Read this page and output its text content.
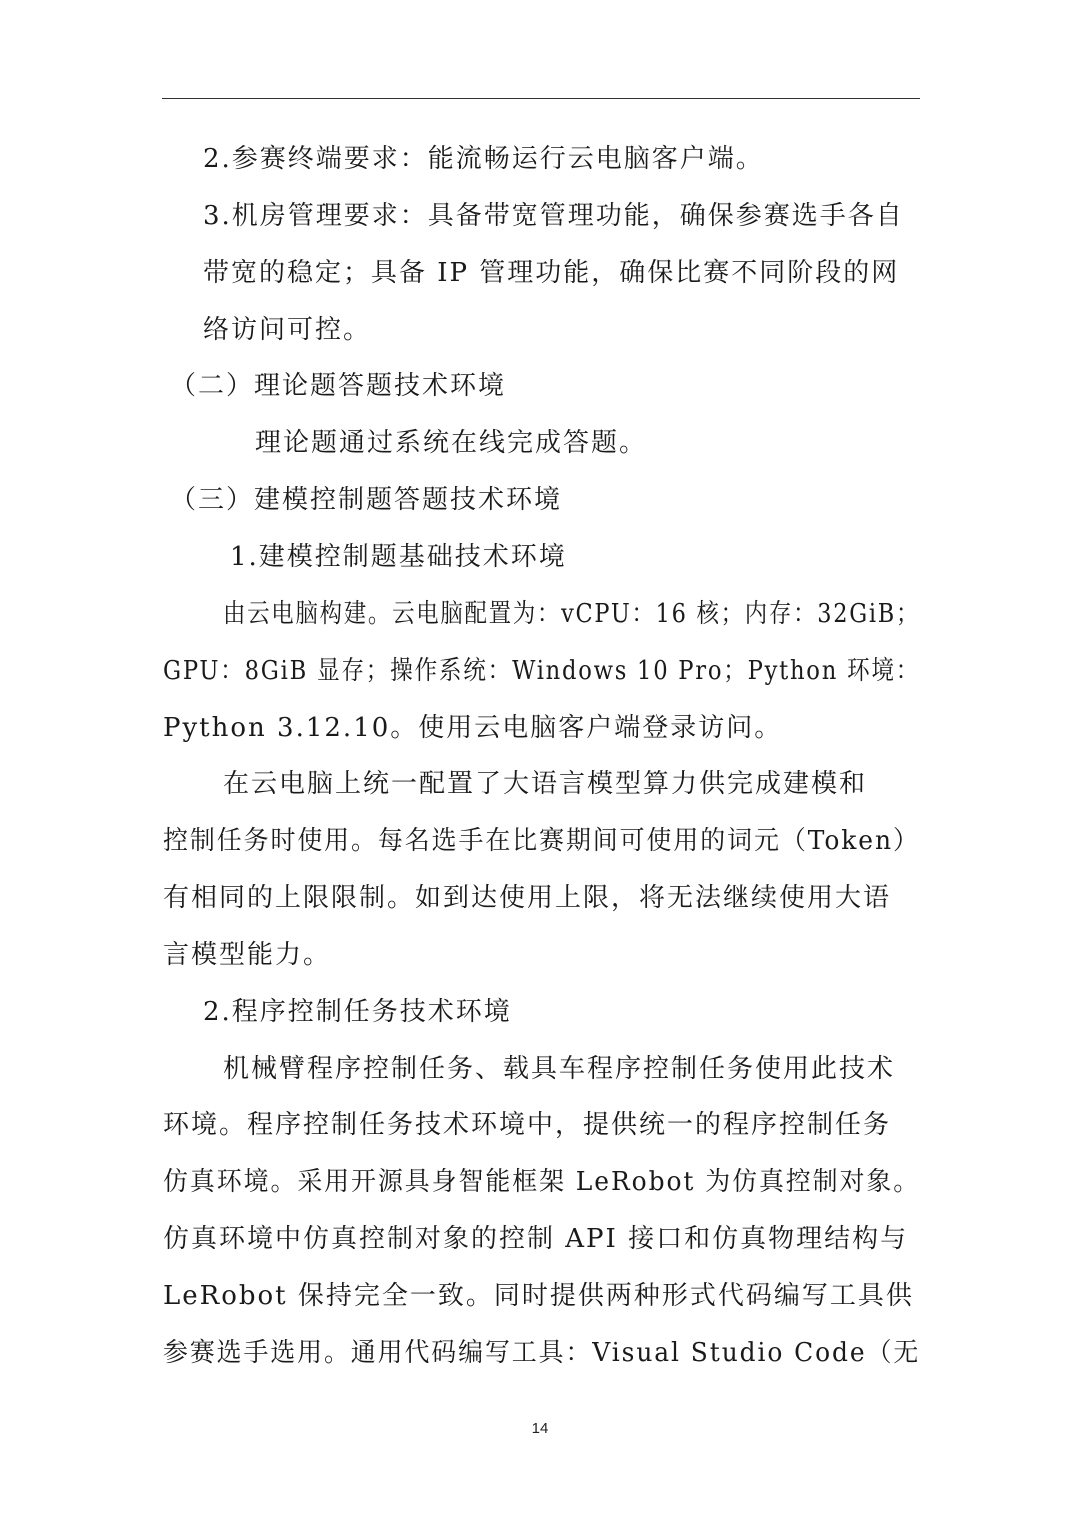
2.参赛终端要求：能流畅运行云电脑客户端。
3.机房管理要求：具备带宽管理功能，确保参赛选手各自
带宽的稳定；具备 IP 管理功能，确保比赛不同阶段的网
络访问可控。
（二）理论题答题技术环境
理论题通过系统在线完成答题。
（三）建模控制题答题技术环境
1.建模控制题基础技术环境
由云电脑构建。云电脑配置为：vCPU：16 核；内存：32GiB；
GPU：8GiB 显存；操作系统：Windows 10 Pro；Python 环境：
Python 3.12.10。使用云电脑客户端登录访问。
在云电脑上统一配置了大语言模型算力供完成建模和
控制任务时使用。每名选手在比赛期间可使用的词元（Token）
有相同的上限限制。如到达使用上限，将无法继续使用大语
言模型能力。
2.程序控制任务技术环境
机械臂程序控制任务、载具车程序控制任务使用此技术
环境。程序控制任务技术环境中，提供统一的程序控制任务
仿真环境。采用开源具身智能框架 LeRobot 为仿真控制对象。
仿真环境中仿真控制对象的控制 API 接口和仿真物理结构与
LeRobot 保持完全一致。同时提供两种形式代码编写工具供
参赛选手选用。通用代码编写工具：Visual Studio Code（无
14
